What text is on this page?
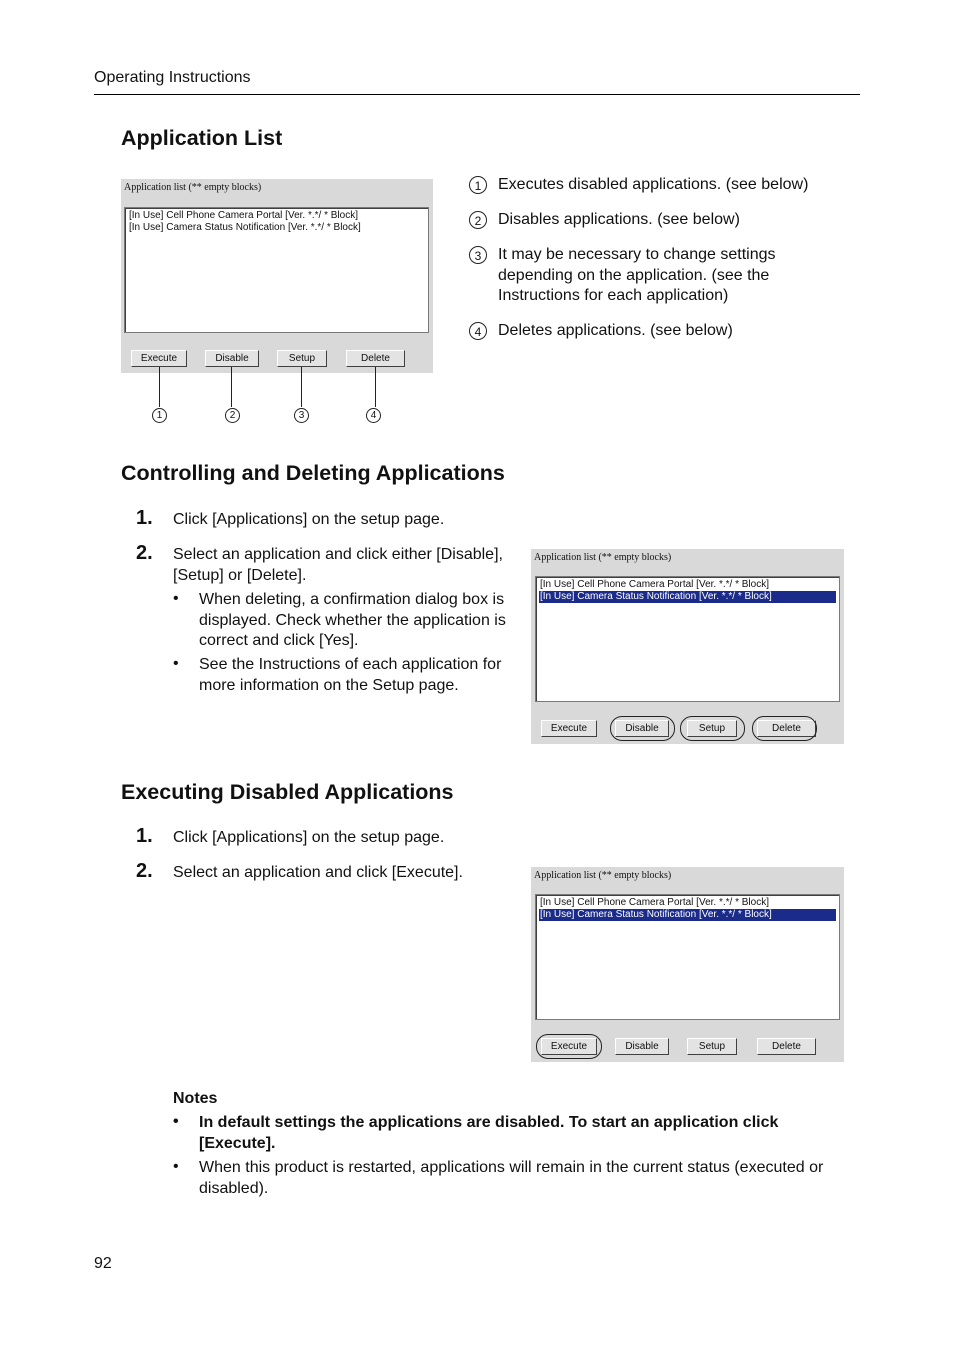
Operating Instructions
Application List
Application list (** empty blocks)
[In Use] Cell Phone Camera Portal [Ver. *.*/ * Block]
[In Use] Camera Status Notification [Ver. *.*/ * Block]
Execute	Disable	Setup	Delete
1	2	3	4
1	Executes disabled applications. (see below)
2	Disables applications. (see below)
3	It may be necessary to change settings depending on the application. (see the Instructions for each application)
4	Deletes applications. (see below)
Controlling and Deleting Applications
1. Click [Applications] on the setup page.
2. Select an application and click either [Disable], [Setup] or [Delete].
• When deleting, a confirmation dialog box is displayed. Check whether the application is correct and click [Yes].
• See the Instructions of each application for more information on the Setup page.
Application list (** empty blocks)
[In Use] Cell Phone Camera Portal [Ver. *.*/ * Block]
[In Use] Camera Status Notification [Ver. *.*/ * Block]
Execute	Disable	Setup	Delete
Executing Disabled Applications
1. Click [Applications] on the setup page.
2. Select an application and click [Execute].	Application list (** empty blocks)
[In Use] Cell Phone Camera Portal [Ver. *.*/ * Block]
[In Use] Camera Status Notification [Ver. *.*/ * Block]
Execute	Disable	Setup	Delete
Notes
• In default settings the applications are disabled. To start an application click [Execute].
• When this product is restarted, applications will remain in the current status (executed or disabled).
92
